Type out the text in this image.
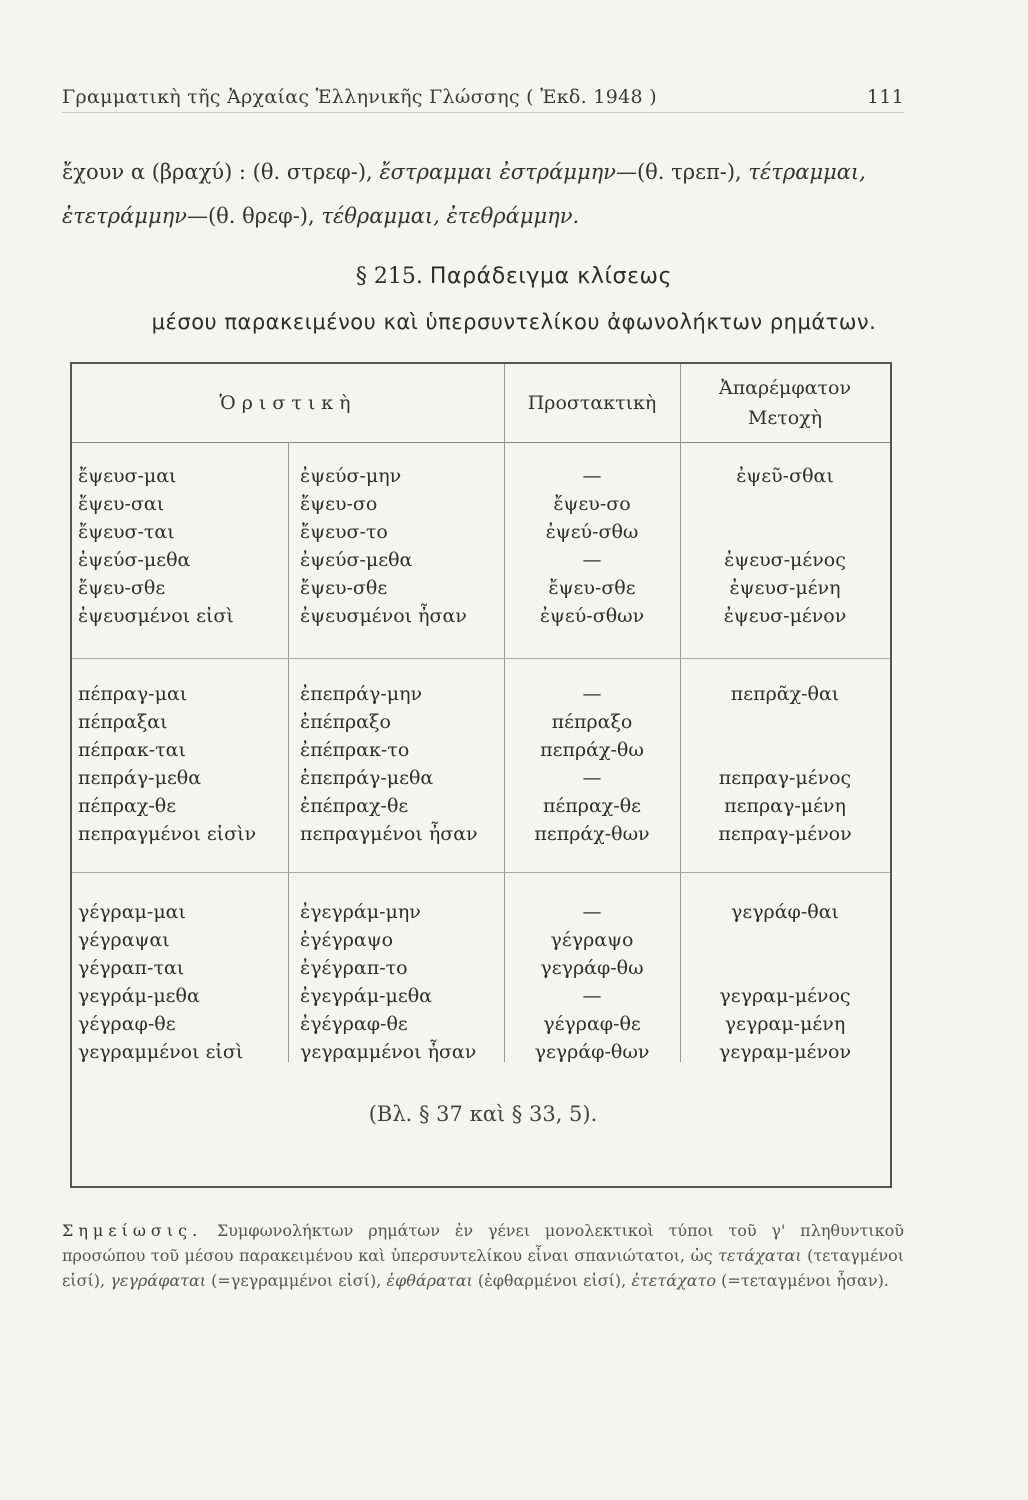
Γραμματικὴ τῆς Ἀρχαίας Ἑλληνικῆς Γλώσσης ( Ἐκδ. 1948 )	111
ἔχουν α (βραχύ) : (θ. στρεφ-), ἔστραμμαι ἐστράμμην—(θ. τρεπ-), τέτραμμαι, ἐτετράμμην—(θ. θρεφ-), τέθραμμαι, ἐτεθράμμην.
§ 215. Παράδειγμα κλίσεως
μέσου παρακειμένου καὶ ὑπερσυντελίκου ἀφωνολήκτων ρημάτων.
Ὁριστικὴ	Προστακτικὴ
Ἀπαρέμφατον
Μετοχὴ
ἔψευσ-μαι
ἔψευ-σαι
ἔψευσ-ται
ἐψεύσ-μεθα
ἔψευ-σθε
ἐψευσμένοι εἰσὶ
ἐψεύσ-μην
ἔψευ-σο
ἔψευσ-το
ἐψεύσ-μεθα
ἔψευ-σθε
ἐψευσμένοι ἦσαν
—
ἔψευ-σο
ἐψεύ-σθω
—
ἔψευ-σθε
ἐψεύ-σθων
ἐψεῦ-σθαι
ἐψευσ-μένος
ἐψευσ-μένη
ἐψευσ-μένον
πέπραγ-μαι
πέπραξαι
πέπρακ-ται
πεπράγ-μεθα
πέπραχ-θε
πεπραγμένοι εἰσὶν
ἐπεπράγ-μην
ἐπέπραξο
ἐπέπρακ-το
ἐπεπράγ-μεθα
ἐπέπραχ-θε
πεπραγμένοι ἦσαν
—
πέπραξο
πεπράχ-θω
—
πέπραχ-θε
πεπράχ-θων
πεπρᾶχ-θαι
πεπραγ-μένος
πεπραγ-μένη
πεπραγ-μένον
γέγραμ-μαι
γέγραψαι
γέγραπ-ται
γεγράμ-μεθα
γέγραφ-θε
γεγραμμένοι εἰσὶ
ἐγεγράμ-μην
ἐγέγραψο
ἐγέγραπ-το
ἐγεγράμ-μεθα
ἐγέγραφ-θε
γεγραμμένοι ἦσαν
—
γέγραψο
γεγράφ-θω
—
γέγραφ-θε
γεγράφ-θων
γεγράφ-θαι
γεγραμ-μένος
γεγραμ-μένη
γεγραμ-μένον
(Βλ. § 37 καὶ § 33, 5).
Σημείωσις. Συμφωνολήκτων ρημάτων ἐν γένει μονολεκτικοὶ τύποι τοῦ γ' πληθυντικοῦ προσώπου τοῦ μέσου παρακειμένου καὶ ὑπερσυντελίκου εἶναι σπανιώτατοι, ὡς τετάχαται (τεταγμένοι εἰσί), γεγράφαται (=γεγραμμένοι εἰσί), ἐφθάραται (ἐφθαρμένοι εἰσί), ἐτετάχατο (=τεταγμένοι ἦσαν).
